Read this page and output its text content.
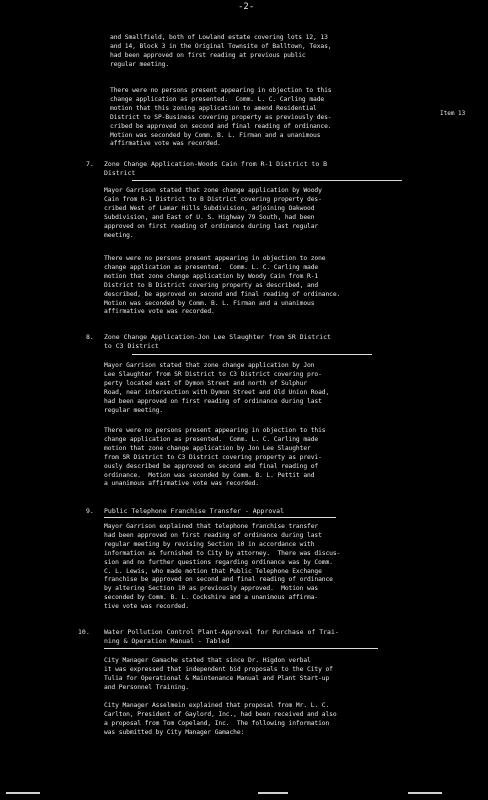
-2-
and Smallfield, both of Lowland estate covering lots 12, 13
and 14, Block 3 in the Original Townsite of Balltown, Texas,
had been approved on first reading at previous public
regular meeting.
There were no persons present appearing in objection to this
change application as presented.  Comm. L. C. Carling made
motion that this zoning application to amend Residential
District to SP-Business covering property as previously des-
cribed be approved on second and final reading of ordinance.
Motion was seconded by Comm. B. L. Firman and a unanimous
affirmative vote was recorded.
Item 13
7. Zone Change Application-Woods Cain from R-1 District to B
District
Mayor Garrison stated that zone change application by Woody
Cain from R-1 District to B District covering property des-
cribed West of Lamar Hills Subdivision, adjoining Oakwood
Subdivision, and East of U. S. Highway 79 South, had been
approved on first reading of ordinance during last regular
meeting.
There were no persons present appearing in objection to zone
change application as presented.  Comm. L. C. Carling made
motion that zone change application by Woody Cain from R-1
District to B District covering property as described, and
described, be approved on second and final reading of ordinance.
Motion was seconded by Comm. B. L. Firman and a unanimous
affirmative vote was recorded.
8. Zone Change Application-Jon Lee Slaughter from SR District
to C3 District
Mayor Garrison stated that zone change application by Jon
Lee Slaughter from SR District to C3 District covering pro-
perty located east of Dymon Street and north of Sulphur
Road, near intersection with Dymon Street and Old Union Road,
had been approved on first reading of ordinance during last
regular meeting.
There were no persons present appearing in objection to this
change application as presented.  Comm. L. C. Carling made
motion that zone change application by Jon Lee Slaughter
from SR District to C3 District covering property as previ-
ously described be approved on second and final reading of
ordinance.  Motion was seconded by Comm. B. L. Pettit and
a unanimous affirmative vote was recorded.
9. Public Telephone Franchise Transfer - Approval
Mayor Garrison explained that telephone franchise transfer
had been approved on first reading of ordinance during last
regular meeting by revising Section 10 in accordance with
information as furnished to City by attorney.  There was discus-
sion and no further questions regarding ordinance was by Comm.
C. L. Lewis, who made motion that Public Telephone Exchange
franchise be approved on second and final reading of ordinance
by altering Section 10 as previously approved.  Motion was
seconded by Comm. B. L. Cockshire and a unanimous affirma-
tive vote was recorded.
10. Water Pollution Control Plant-Approval for Purchase of Trai-
ning & Operation Manual - Tabled
City Manager Gamache stated that since Dr. Higdon verbal
it was expressed that independent bid proposals to the City of
Tulia for Operational & Maintenance Manual and Plant Start-up
and Personnel Training.
City Manager Asselmein explained that proposal from Mr. L. C.
Carlton, President of Gaylord, Inc., had been received and also
a proposal from Tom Copeland, Inc.  The following information
was submitted by City Manager Gamache:
